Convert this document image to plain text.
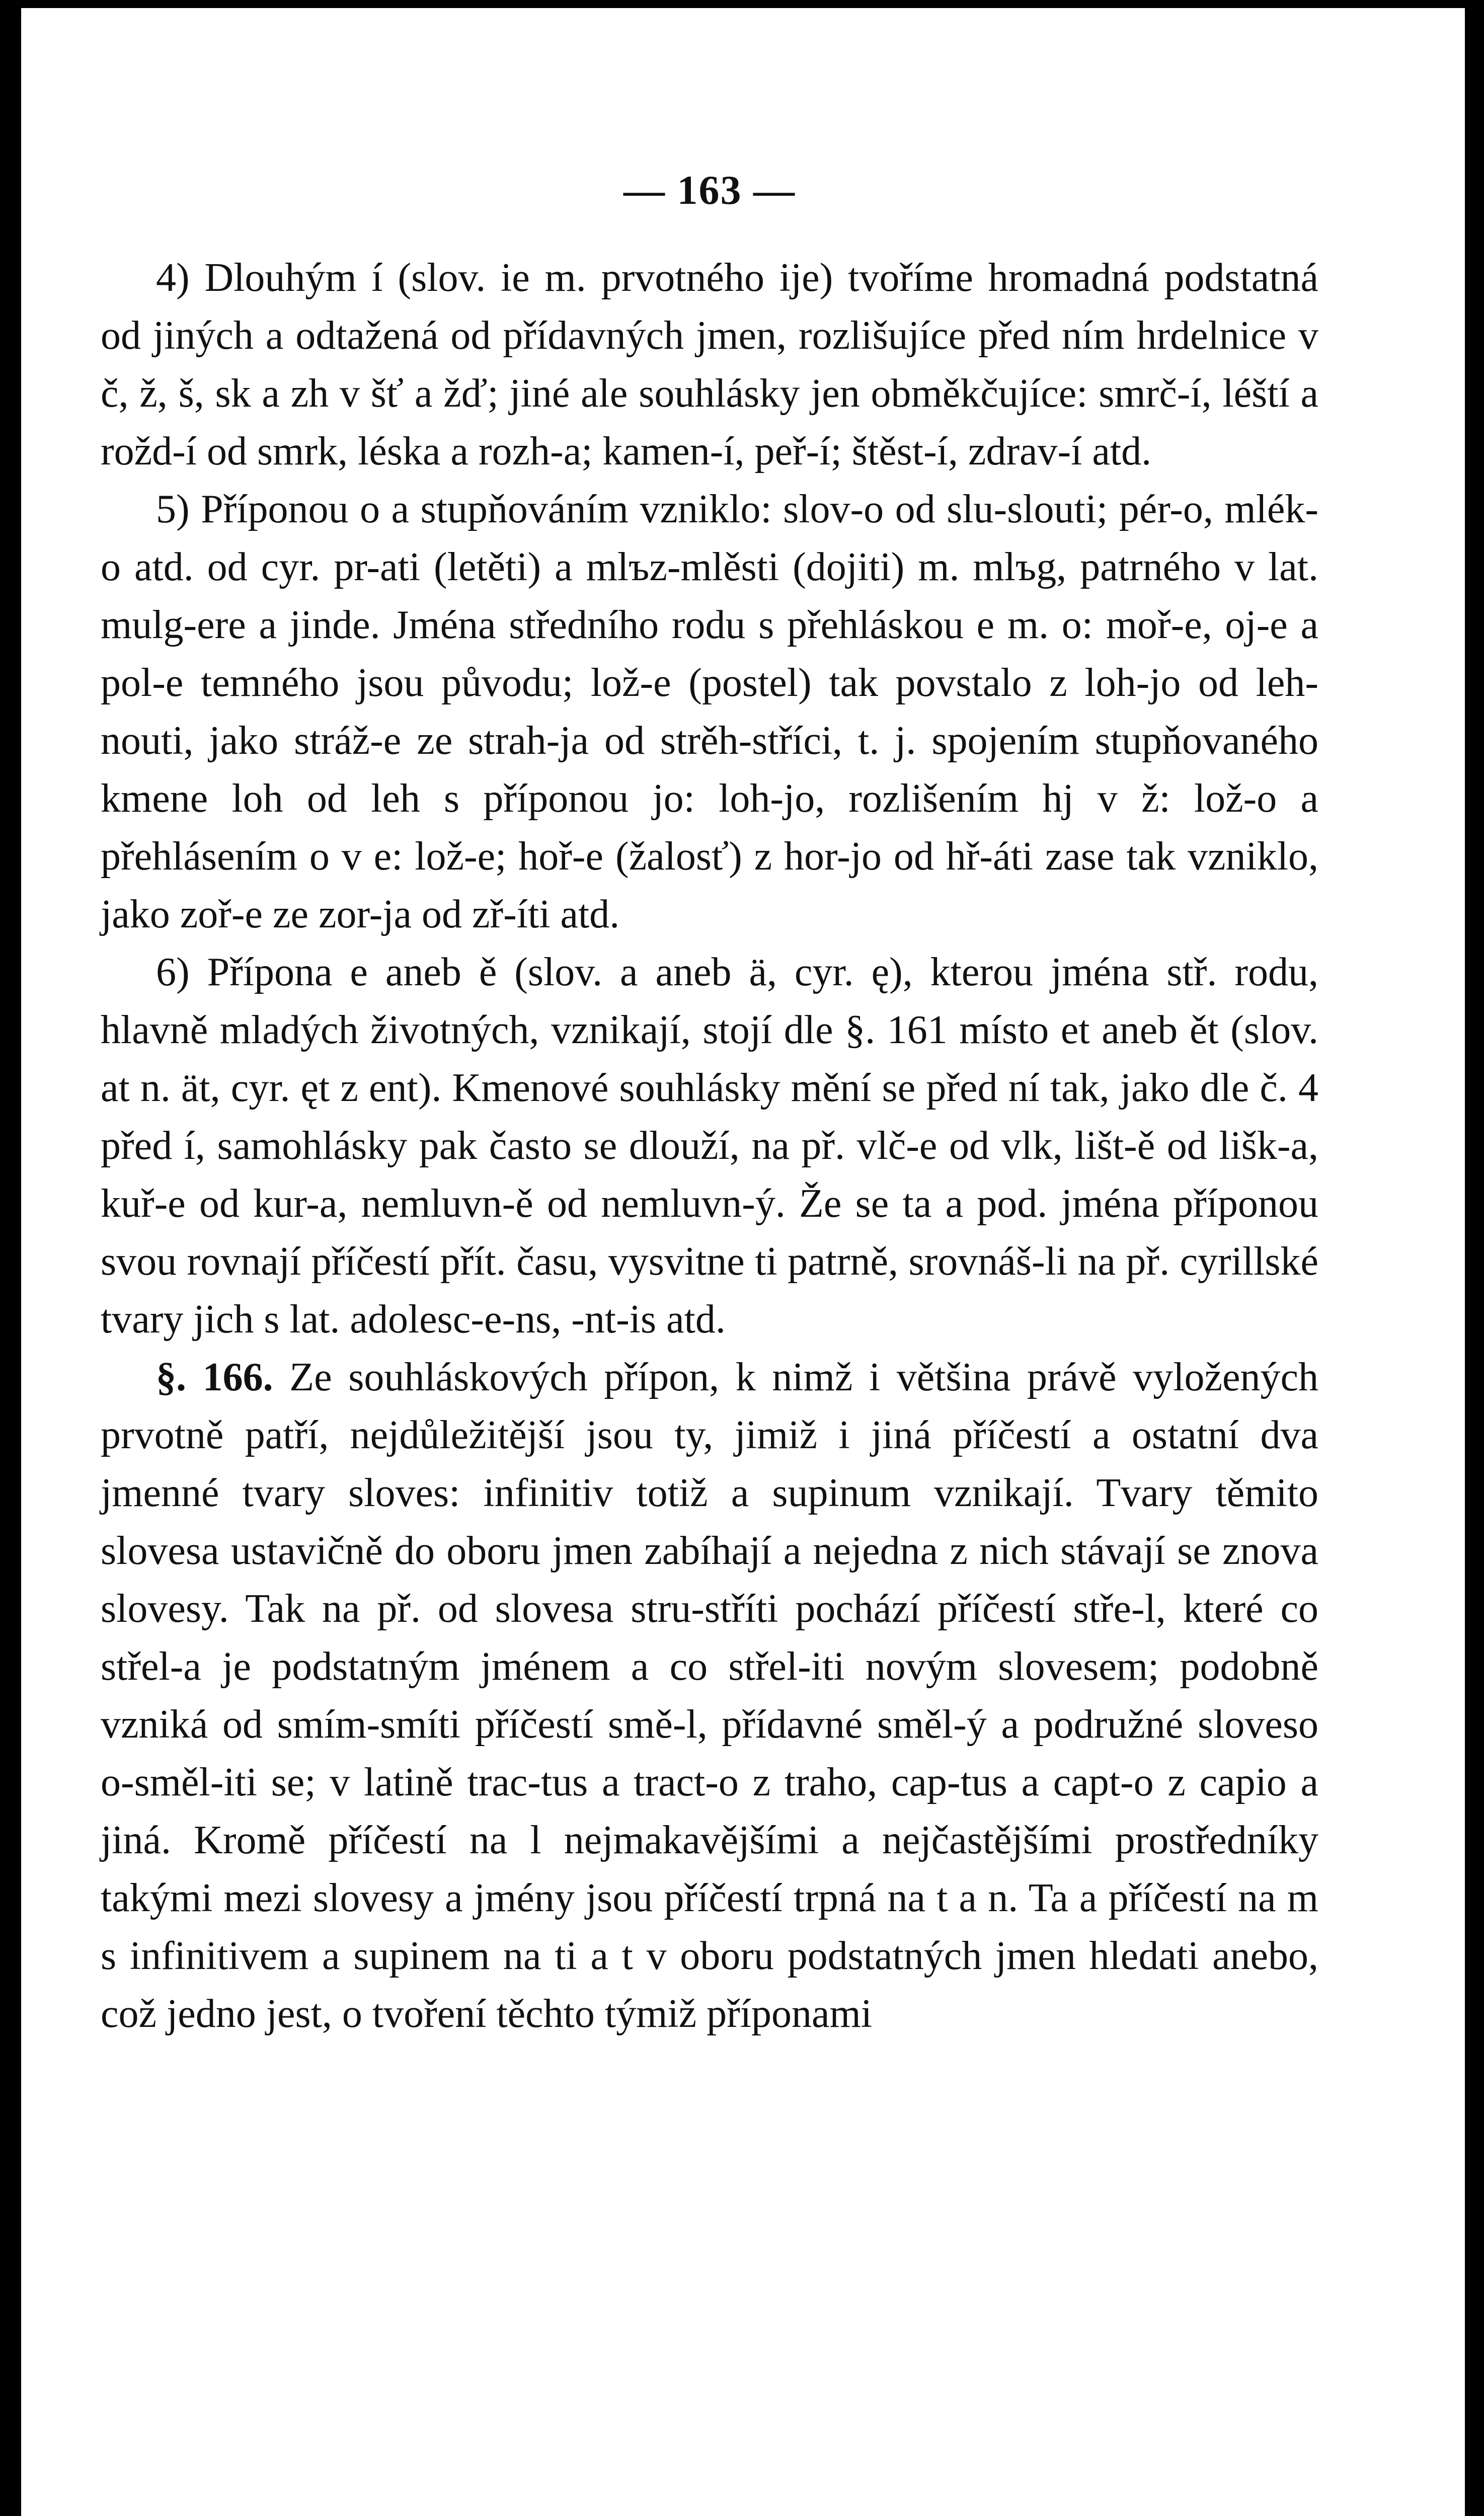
— 163 —

4) Dlouhým í (slov. ie m. prvotného ije) tvoříme hromadná podstatná od jiných a odtažená od přídavných jmen, rozlišujíce před ním hrdelnice v č, ž, š, sk a zh v šť a žď; jiné ale souhlásky jen obměkčujíce: smrč-í, léští a rožd-í od smrk, léska a rozh-a; kamen-í, peř-í; štěst-í, zdrav-í atd.

5) Příponou o a stupňováním vzniklo: slov-o od slu-slouti; pér-o, mlék-o atd. od cyr. pr-ati (letěti) a mlъz-mlěsti (dojiti) m. mlъg, patrného v lat. mulg-ere a jinde. Jména středního rodu s přehláskou e m. o: moř-e, oj-e a pol-e temného jsou původu; lož-e (postel) tak povstalo z loh-jo od leh-nouti, jako stráž-e ze strah-ja od strěh-stříci, t. j. spojením stupňovaného kmene loh od leh s příponou jo: loh-jo, rozlišením hj v ž: lož-o a přehlásením o v e: lož-e; hoř-e (žalosť) z hor-jo od hř-áti zase tak vzniklo, jako zoř-e ze zor-ja od zř-íti atd.

6) Přípona e aneb ě (slov. a aneb ä, cyr. ę), kterou jména stř. rodu, hlavně mladých životných, vznikají, stojí dle §. 161 místo et aneb ět (slov. at n. ät, cyr. ęt z ent). Kmenové souhlásky mění se před ní tak, jako dle č. 4 před í, samohlásky pak často se dlouží, na př. vlč-e od vlk, lišt-ě od lišk-a, kuř-e od kur-a, nemluvn-ě od nemluvn-ý. Že se ta a pod. jména příponou svou rovnají příčestí přít. času, vysvitne ti patrně, srovnáš-li na př. cyrillské tvary jich s lat. adolesc-e-ns, -nt-is atd.

§. 166. Ze souhláskových přípon, k nimž i většina právě vyložených prvotně patří, nejdůležitější jsou ty, jimiž i jiná příčestí a ostatní dva jmenné tvary sloves: infinitiv totiž a supinum vznikají. Tvary těmito slovesa ustavičně do oboru jmen zabíhají a nejedna z nich stávají se znova slovesy. Tak na př. od slovesa stru-stříti pochází příčestí stře-l, které co střel-a je podstatným jménem a co střel-iti novým slovesem; podobně vzniká od smím-smíti příčestí smě-l, přídavné směl-ý a podružné sloveso o-směl-iti se; v latině trac-tus a tract-o z traho, cap-tus a capt-o z capio a jiná. Kromě příčestí na l nejmakavějšími a nejčastějšími prostředníky takými mezi slovesy a jmény jsou příčestí trpná na t a n. Ta a příčestí na m s infinitivem a supinem na ti a t v oboru podstatných jmen hledati anebo, což jedno jest, o tvoření těchto týmiž příponami
